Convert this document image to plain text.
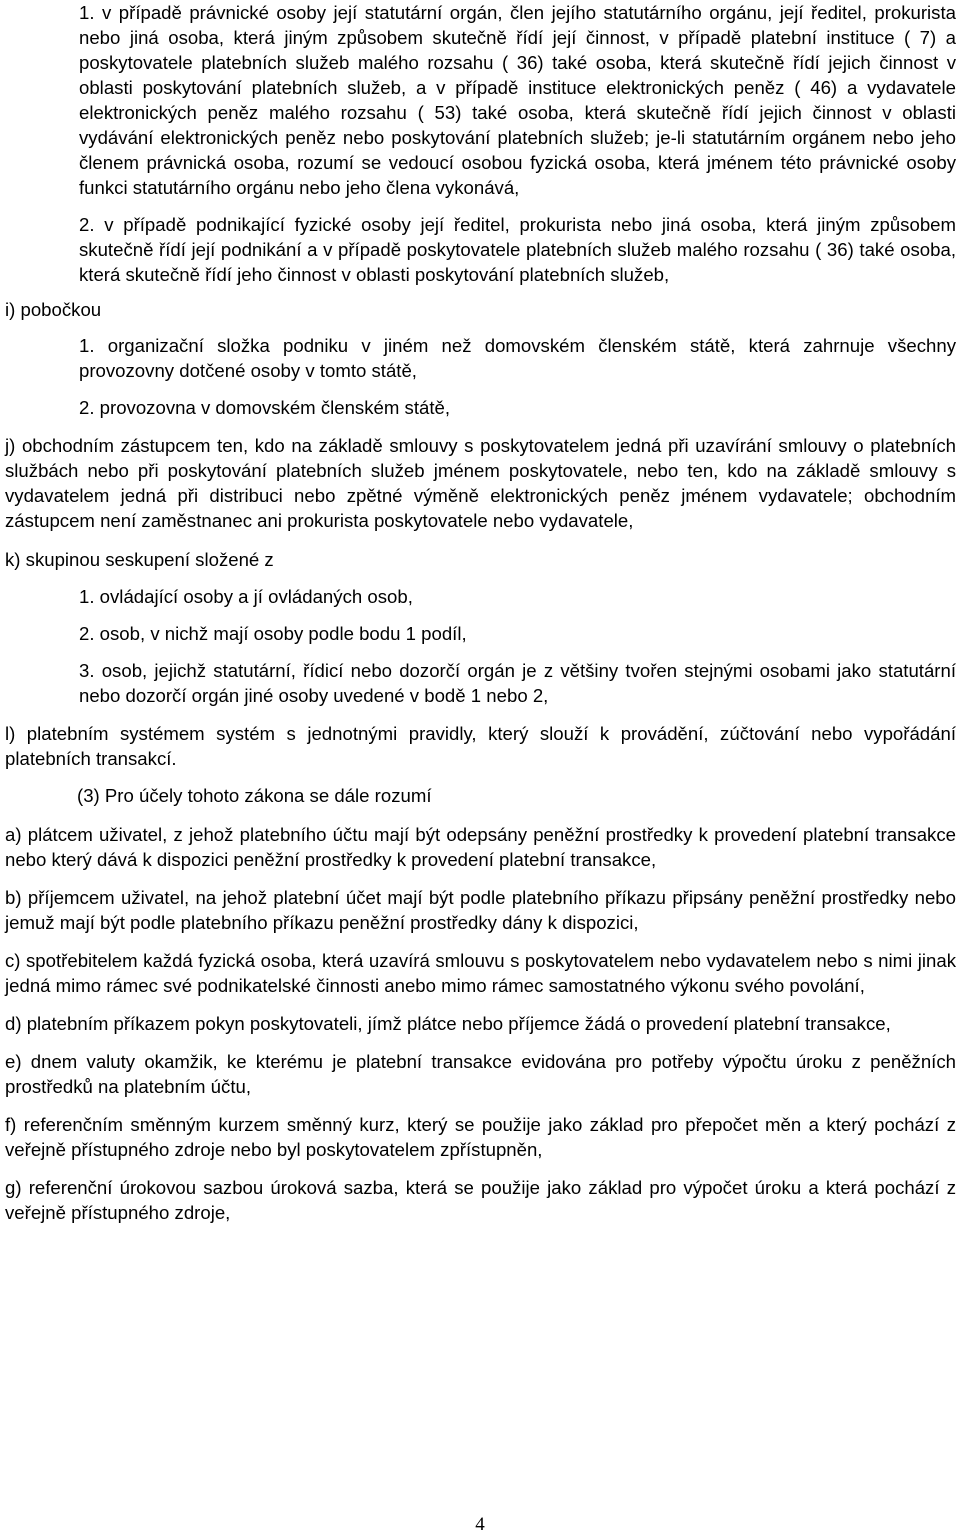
1. v případě právnické osoby její statutární orgán, člen jejího statutárního orgánu, její ředitel, prokurista nebo jiná osoba, která jiným způsobem skutečně řídí její činnost, v případě platební instituce ( 7) a poskytovatele platebních služeb malého rozsahu ( 36) také osoba, která skutečně řídí jejich činnost v oblasti poskytování platebních služeb, a v případě instituce elektronických peněz ( 46) a vydavatele elektronických peněz malého rozsahu ( 53) také osoba, která skutečně řídí jejich činnost v oblasti vydávání elektronických peněz nebo poskytování platebních služeb; je-li statutárním orgánem nebo jeho členem právnická osoba, rozumí se vedoucí osobou fyzická osoba, která jménem této právnické osoby funkci statutárního orgánu nebo jeho člena vykonává,

2. v případě podnikající fyzické osoby její ředitel, prokurista nebo jiná osoba, která jiným způsobem skutečně řídí její podnikání a v případě poskytovatele platebních služeb malého rozsahu ( 36) také osoba, která skutečně řídí jeho činnost v oblasti poskytování platebních služeb,

i) pobočkou

1. organizační složka podniku v jiném než domovském členském státě, která zahrnuje všechny provozovny dotčené osoby v tomto státě,

2. provozovna v domovském členském státě,

j) obchodním zástupcem ten, kdo na základě smlouvy s poskytovatelem jedná při uzavírání smlouvy o platebních službách nebo při poskytování platebních služeb jménem poskytovatele, nebo ten, kdo na základě smlouvy s vydavatelem jedná při distribuci nebo zpětné výměně elektronických peněz jménem vydavatele; obchodním zástupcem není zaměstnanec ani prokurista poskytovatele nebo vydavatele,

k) skupinou seskupení složené z

1. ovládající osoby a jí ovládaných osob,

2. osob, v nichž mají osoby podle bodu 1 podíl,

3. osob, jejichž statutární, řídicí nebo dozorčí orgán je z většiny tvořen stejnými osobami jako statutární nebo dozorčí orgán jiné osoby uvedené v bodě 1 nebo 2,

l) platebním systémem systém s jednotnými pravidly, který slouží k provádění, zúčtování nebo vypořádání platebních transakcí.

(3) Pro účely tohoto zákona se dále rozumí

a) plátcem uživatel, z jehož platebního účtu mají být odepsány peněžní prostředky k provedení platební transakce nebo který dává k dispozici peněžní prostředky k provedení platební transakce,

b) příjemcem uživatel, na jehož platební účet mají být podle platebního příkazu připsány peněžní prostředky nebo jemuž mají být podle platebního příkazu peněžní prostředky dány k dispozici,

c) spotřebitelem každá fyzická osoba, která uzavírá smlouvu s poskytovatelem nebo vydavatelem nebo s nimi jinak jedná mimo rámec své podnikatelské činnosti anebo mimo rámec samostatného výkonu svého povolání,

d) platebním příkazem pokyn poskytovateli, jímž plátce nebo příjemce žádá o provedení platební transakce,

e) dnem valuty okamžik, ke kterému je platební transakce evidována pro potřeby výpočtu úroku z peněžních prostředků na platebním účtu,

f) referenčním směnným kurzem směnný kurz, který se použije jako základ pro přepočet měn a který pochází z veřejně přístupného zdroje nebo byl poskytovatelem zpřístupněn,

g) referenční úrokovou sazbou úroková sazba, která se použije jako základ pro výpočet úroku a která pochází z veřejně přístupného zdroje,

4
